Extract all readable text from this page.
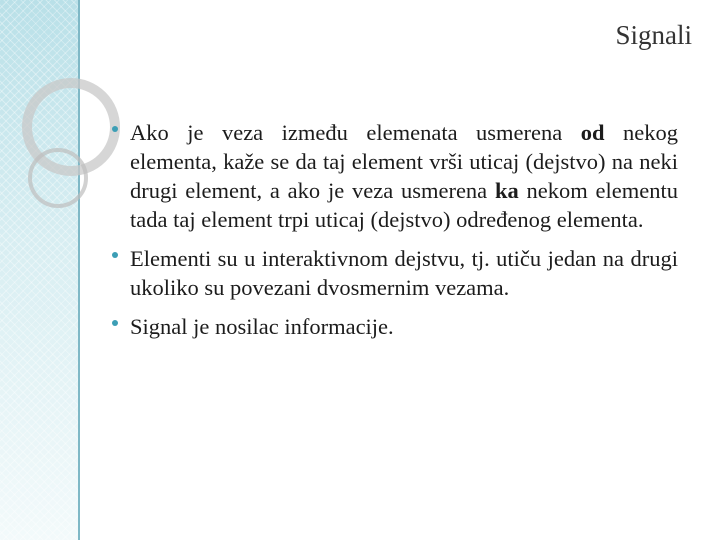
Signali
Ako je veza između elemenata usmerena od nekog elementa, kaže se da taj element vrši uticaj (dejstvo) na neki drugi element, a ako je veza usmerena ka nekom elementu tada taj element trpi uticaj (dejstvo) određenog elementa.
Elementi su u interaktivnom dejstvu, tj. utiču jedan na drugi ukoliko su povezani dvosmernim vezama.
Signal je nosilac informacije.
